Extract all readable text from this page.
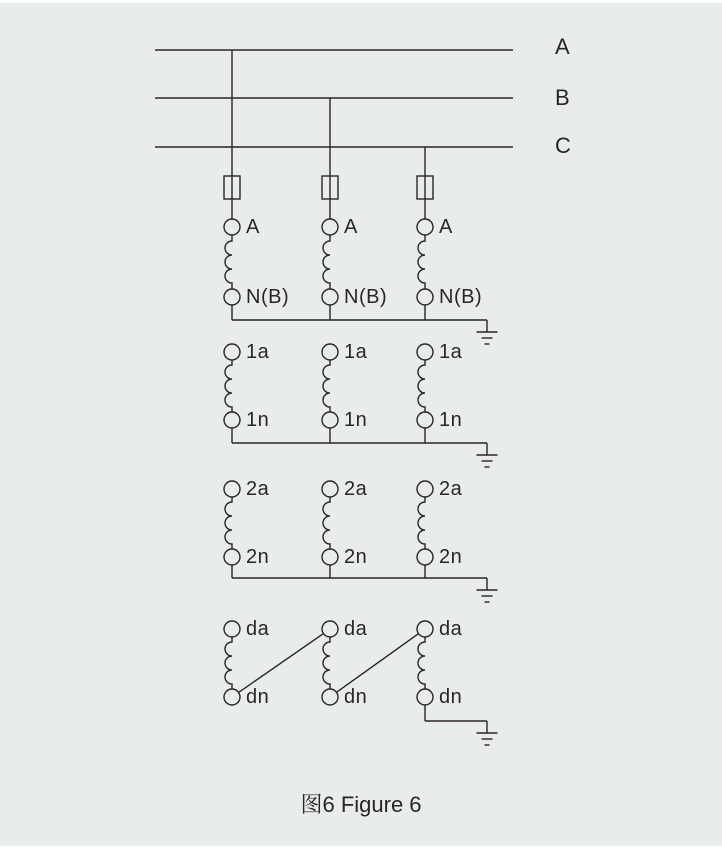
A
B
C
图6 Figure 6
A
N(B)
A
N(B)
A
N(B)
1a
1n
1a
1n
1a
1n
2a
2n
2a
2n
2a
2n
da
dn
da
dn
da
dn
